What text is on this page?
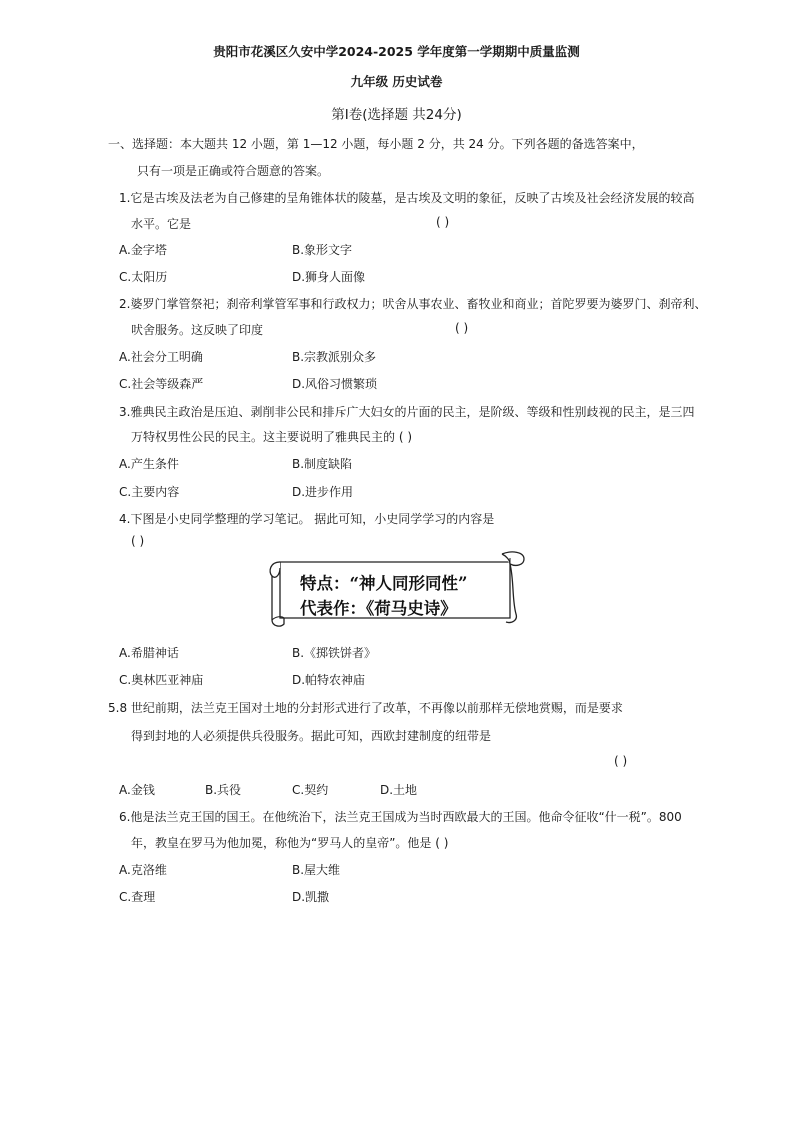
贵阳市花溪区久安中学2024-2025 学年度第一学期期中质量监测
九年级 历史试卷
第Ⅰ卷(选择题 共24分)
一、选择题：本大题共 12 小题，第 1—12 小题，每小题 2 分，共 24 分。下列各题的备选答案中，
只有一项是正确或符合题意的答案。
1.它是古埃及法老为自己修建的呈角锥体状的陵墓，是古埃及文明的象征，反映了古埃及社会经济发展的较高
水平。它是	( )
A.金字塔	B.象形文字
C.太阳历	D.狮身人面像
2.婆罗门掌管祭祀；刹帝利掌管军事和行政权力；吠舍从事农业、畜牧业和商业；首陀罗要为婆罗门、刹帝利、
吠舍服务。这反映了印度	( )
A.社会分工明确	B.宗教派别众多
C.社会等级森严	D.风俗习惯繁琐
3.雅典民主政治是压迫、剥削非公民和排斥广大妇女的片面的民主，是阶级、等级和性别歧视的民主，是三四
万特权男性公民的民主。这主要说明了雅典民主的 ( )
A.产生条件	B.制度缺陷
C.主要内容	D.进步作用
4.下图是小史同学整理的学习笔记。 据此可知，小史同学学习的内容是
( )
特点：“神人同形同性”
代表作：《荷马史诗》
A.希腊神话	B.《掷铁饼者》
C.奥林匹亚神庙	D.帕特农神庙
5.8 世纪前期，法兰克王国对土地的分封形式进行了改革，不再像以前那样无偿地赏赐，而是要求
得到封地的人必须提供兵役服务。据此可知，西欧封建制度的纽带是
( )
A.金钱	B.兵役	C.契约	D.土地
6.他是法兰克王国的国王。在他统治下，法兰克王国成为当时西欧最大的王国。他命令征收“什一税”。800
年，教皇在罗马为他加冕，称他为“罗马人的皇帝”。他是 ( )
A.克洛维	B.屋大维
C.查理	D.凯撒
